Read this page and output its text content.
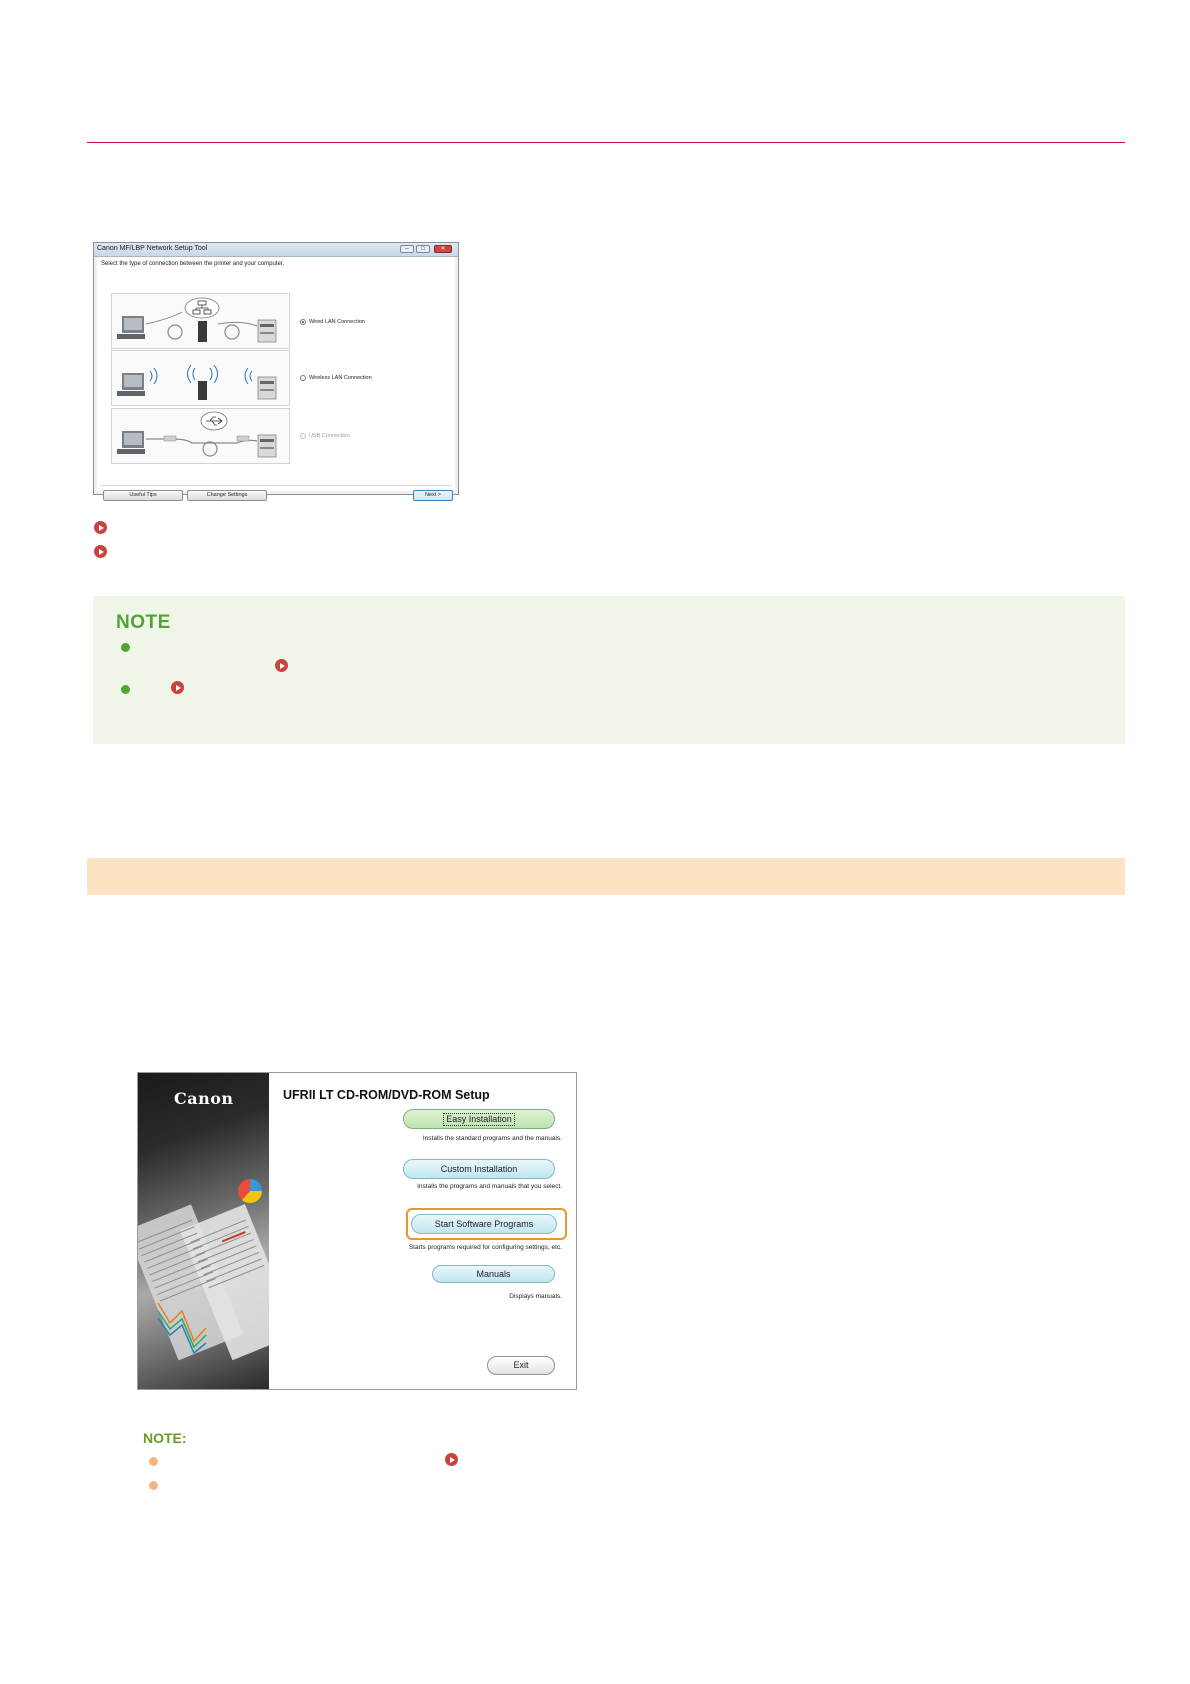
Canon MF/LBP Network Setup Tool	–	□	✕
Select the type of connection between the printer and your computer.
Wired LAN Connection
Wireless LAN Connection
USB Connection
Useful Tips	Change Settings	Next >
NOTE
Canon	UFRII LT CD-ROM/DVD-ROM Setup
Easy Installation
Installs the standard programs and the manuals.
Custom Installation
Installs the programs and manuals that you select.
Start Software Programs
Starts programs required for configuring settings, etc.
Manuals
Displays manuals.
Exit
NOTE:
